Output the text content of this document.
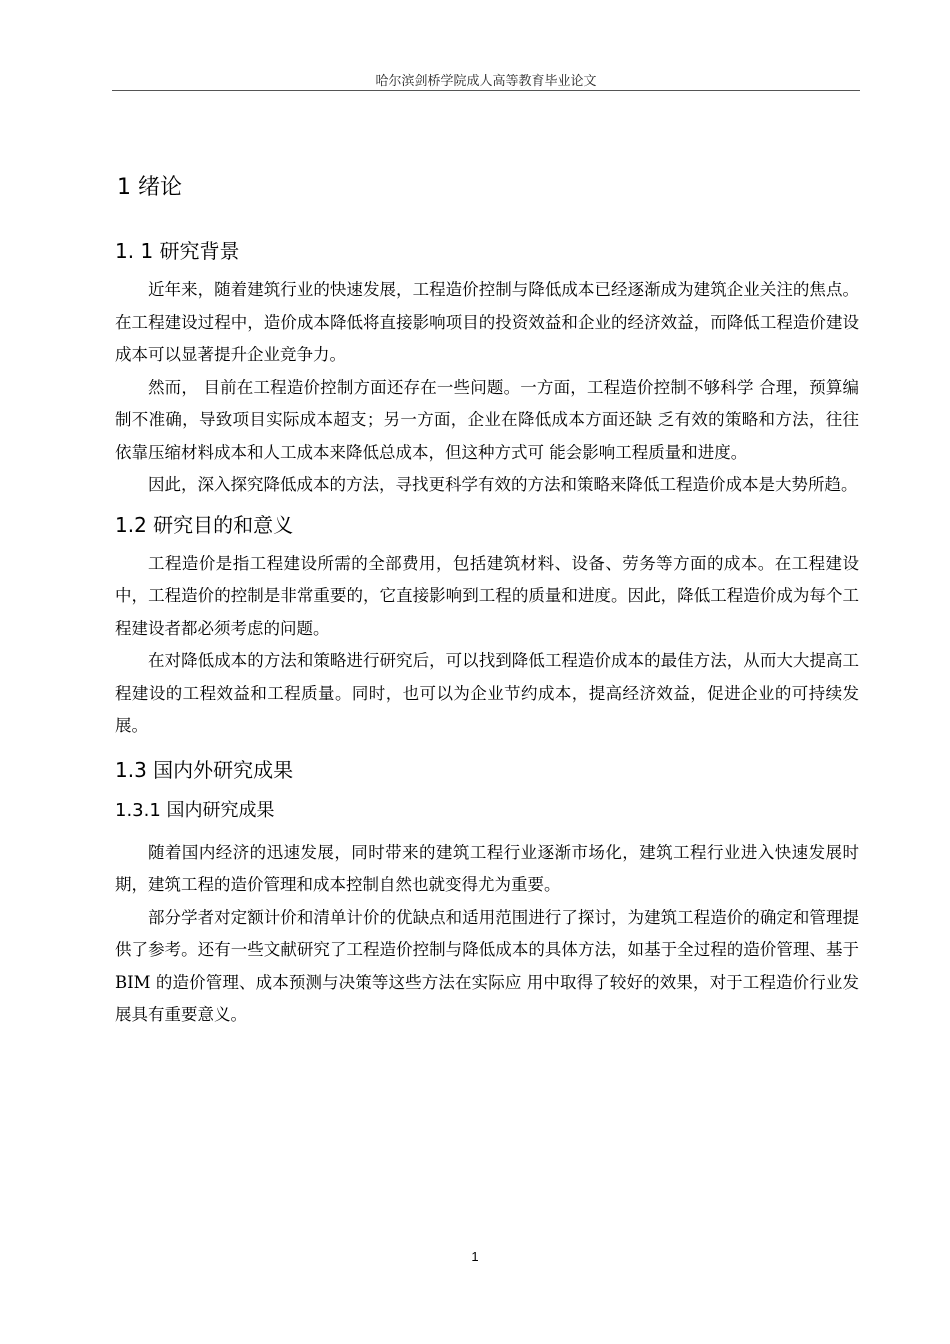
哈尔滨剑桥学院成人高等教育毕业论文
1 绪论
1. 1 研究背景

近年来，随着建筑行业的快速发展，工程造价控制与降低成本已经逐渐成为建筑企业关注的焦点。在工程建设过程中，造价成本降低将直接影响项目的投资效益和企业的经济效益，而降低工程造价建设成本可以显著提升企业竞争力。

然而， 目前在工程造价控制方面还存在一些问题。一方面，工程造价控制不够科学 合理，预算编制不准确，导致项目实际成本超支；另一方面，企业在降低成本方面还缺 乏有效的策略和方法，往往依靠压缩材料成本和人工成本来降低总成本，但这种方式可 能会影响工程质量和进度。

因此，深入探究降低成本的方法，寻找更科学有效的方法和策略来降低工程造价成本是大势所趋。

1.2 研究目的和意义

工程造价是指工程建设所需的全部费用，包括建筑材料、设备、劳务等方面的成本。在工程建设中，工程造价的控制是非常重要的，它直接影响到工程的质量和进度。因此，降低工程造价成为每个工程建设者都必须考虑的问题。

在对降低成本的方法和策略进行研究后，可以找到降低工程造价成本的最佳方法，从而大大提高工程建设的工程效益和工程质量。同时，也可以为企业节约成本，提高经济效益，促进企业的可持续发展。

1.3 国内外研究成果
1.3.1 国内研究成果

随着国内经济的迅速发展，同时带来的建筑工程行业逐渐市场化，建筑工程行业进入快速发展时期，建筑工程的造价管理和成本控制自然也就变得尤为重要。

部分学者对定额计价和清单计价的优缺点和适用范围进行了探讨，为建筑工程造价的确定和管理提供了参考。还有一些文献研究了工程造价控制与降低成本的具体方法，如基于全过程的造价管理、基于 BIM 的造价管理、成本预测与决策等这些方法在实际应 用中取得了较好的效果，对于工程造价行业发展具有重要意义。

1
